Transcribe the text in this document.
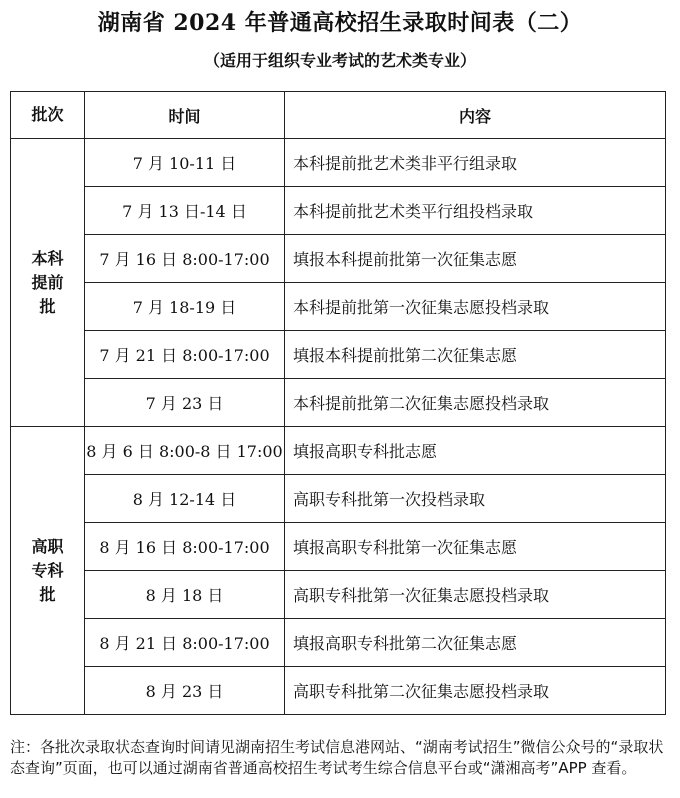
湖南省 2024 年普通高校招生录取时间表（二）
（适用于组织专业考试的艺术类专业）
批次	时间	内容
本科提前批	7 月 10-11 日	本科提前批艺术类非平行组录取
	7 月 13 日-14 日	本科提前批艺术类平行组投档录取
	7 月 16 日 8:00-17:00	填报本科提前批第一次征集志愿
	7 月 18-19 日	本科提前批第一次征集志愿投档录取
	7 月 21 日 8:00-17:00	填报本科提前批第二次征集志愿
	7 月 23 日	本科提前批第二次征集志愿投档录取
高职专科批	8 月 6 日 8:00-8 日 17:00	填报高职专科批志愿
	8 月 12-14 日	高职专科批第一次投档录取
	8 月 16 日 8:00-17:00	填报高职专科批第一次征集志愿
	8 月 18 日	高职专科批第一次征集志愿投档录取
	8 月 21 日 8:00-17:00	填报高职专科批第二次征集志愿
	8 月 23 日	高职专科批第二次征集志愿投档录取
注：各批次录取状态查询时间请见湖南招生考试信息港网站、“湖南考试招生”微信公众号的“录取状态查询”页面，也可以通过湖南省普通高校招生考试考生综合信息平台或“潇湘高考”APP 查看。
